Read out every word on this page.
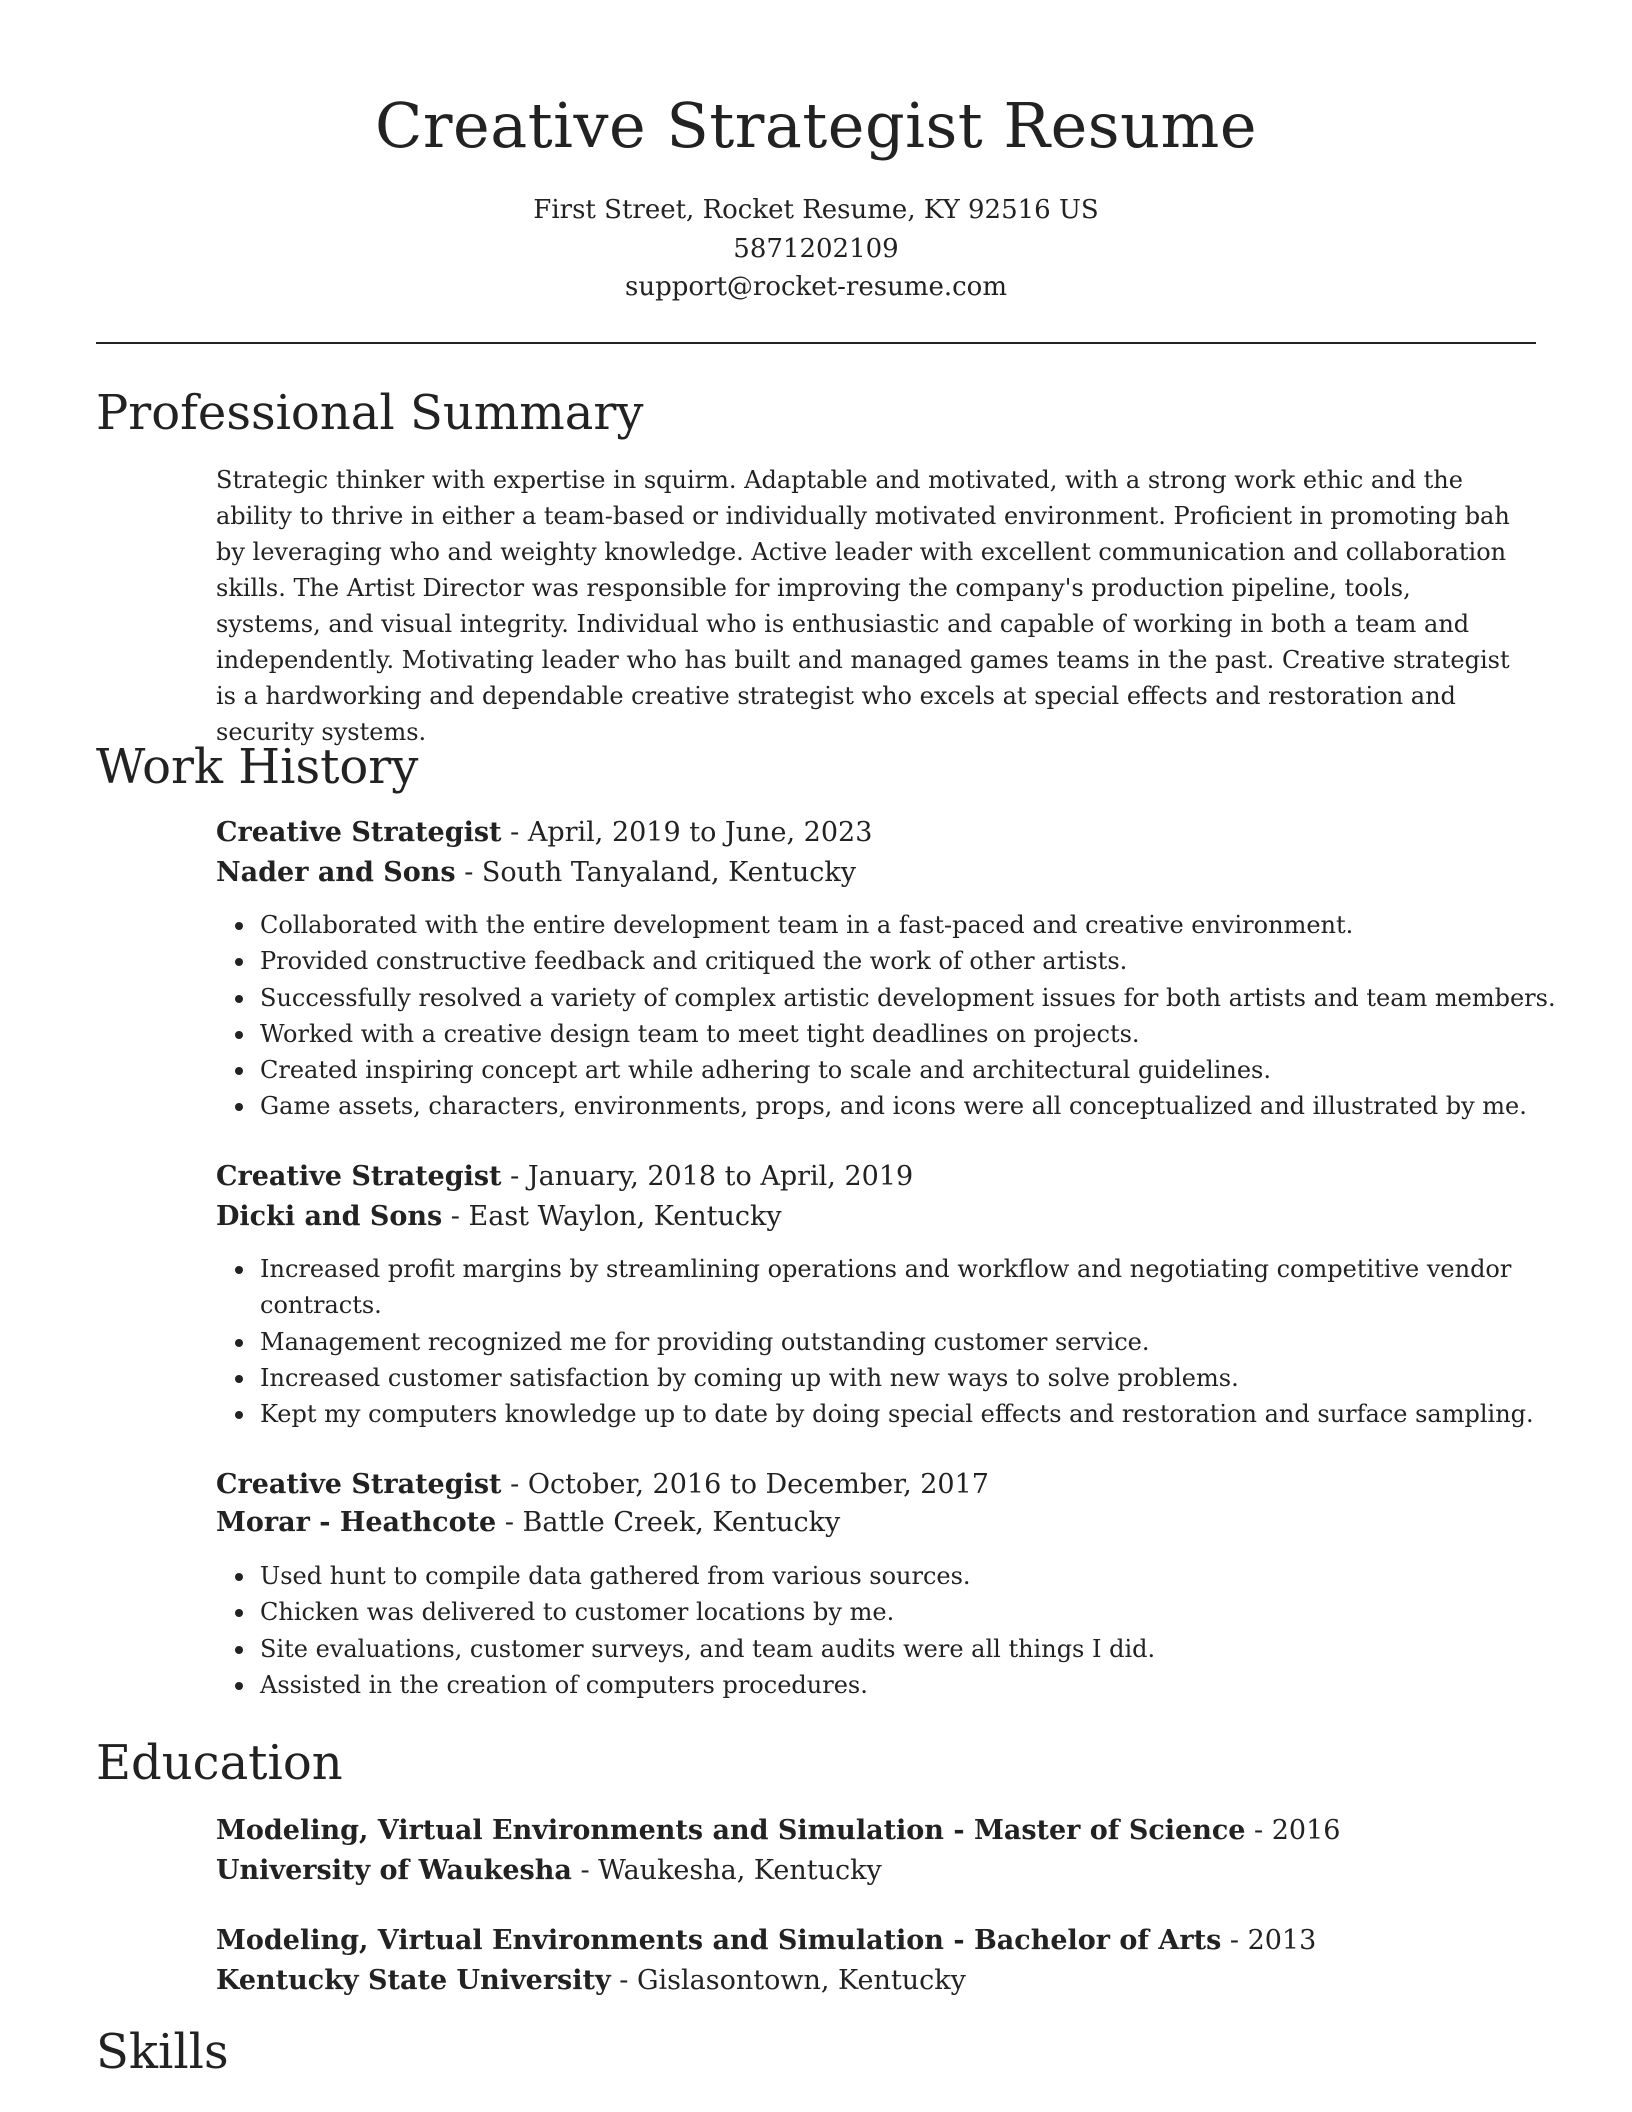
Creative Strategist Resume
First Street, Rocket Resume, KY 92516 US
5871202109
support@rocket-resume.com
Professional Summary
Strategic thinker with expertise in squirm. Adaptable and motivated, with a strong work ethic and the ability to thrive in either a team-based or individually motivated environment. Proficient in promoting bah by leveraging who and weighty knowledge. Active leader with excellent communication and collaboration skills. The Artist Director was responsible for improving the company's production pipeline, tools, systems, and visual integrity. Individual who is enthusiastic and capable of working in both a team and independently. Motivating leader who has built and managed games teams in the past. Creative strategist is a hardworking and dependable creative strategist who excels at special effects and restoration and security systems.
Work History
Creative Strategist - April, 2019 to June, 2023
Nader and Sons - South Tanyaland, Kentucky
Collaborated with the entire development team in a fast-paced and creative environment.
Provided constructive feedback and critiqued the work of other artists.
Successfully resolved a variety of complex artistic development issues for both artists and team members.
Worked with a creative design team to meet tight deadlines on projects.
Created inspiring concept art while adhering to scale and architectural guidelines.
Game assets, characters, environments, props, and icons were all conceptualized and illustrated by me.
Creative Strategist - January, 2018 to April, 2019
Dicki and Sons - East Waylon, Kentucky
Increased profit margins by streamlining operations and workflow and negotiating competitive vendor contracts.
Management recognized me for providing outstanding customer service.
Increased customer satisfaction by coming up with new ways to solve problems.
Kept my computers knowledge up to date by doing special effects and restoration and surface sampling.
Creative Strategist - October, 2016 to December, 2017
Morar - Heathcote - Battle Creek, Kentucky
Used hunt to compile data gathered from various sources.
Chicken was delivered to customer locations by me.
Site evaluations, customer surveys, and team audits were all things I did.
Assisted in the creation of computers procedures.
Education
Modeling, Virtual Environments and Simulation - Master of Science - 2016
University of Waukesha - Waukesha, Kentucky
Modeling, Virtual Environments and Simulation - Bachelor of Arts - 2013
Kentucky State University - Gislasontown, Kentucky
Skills
